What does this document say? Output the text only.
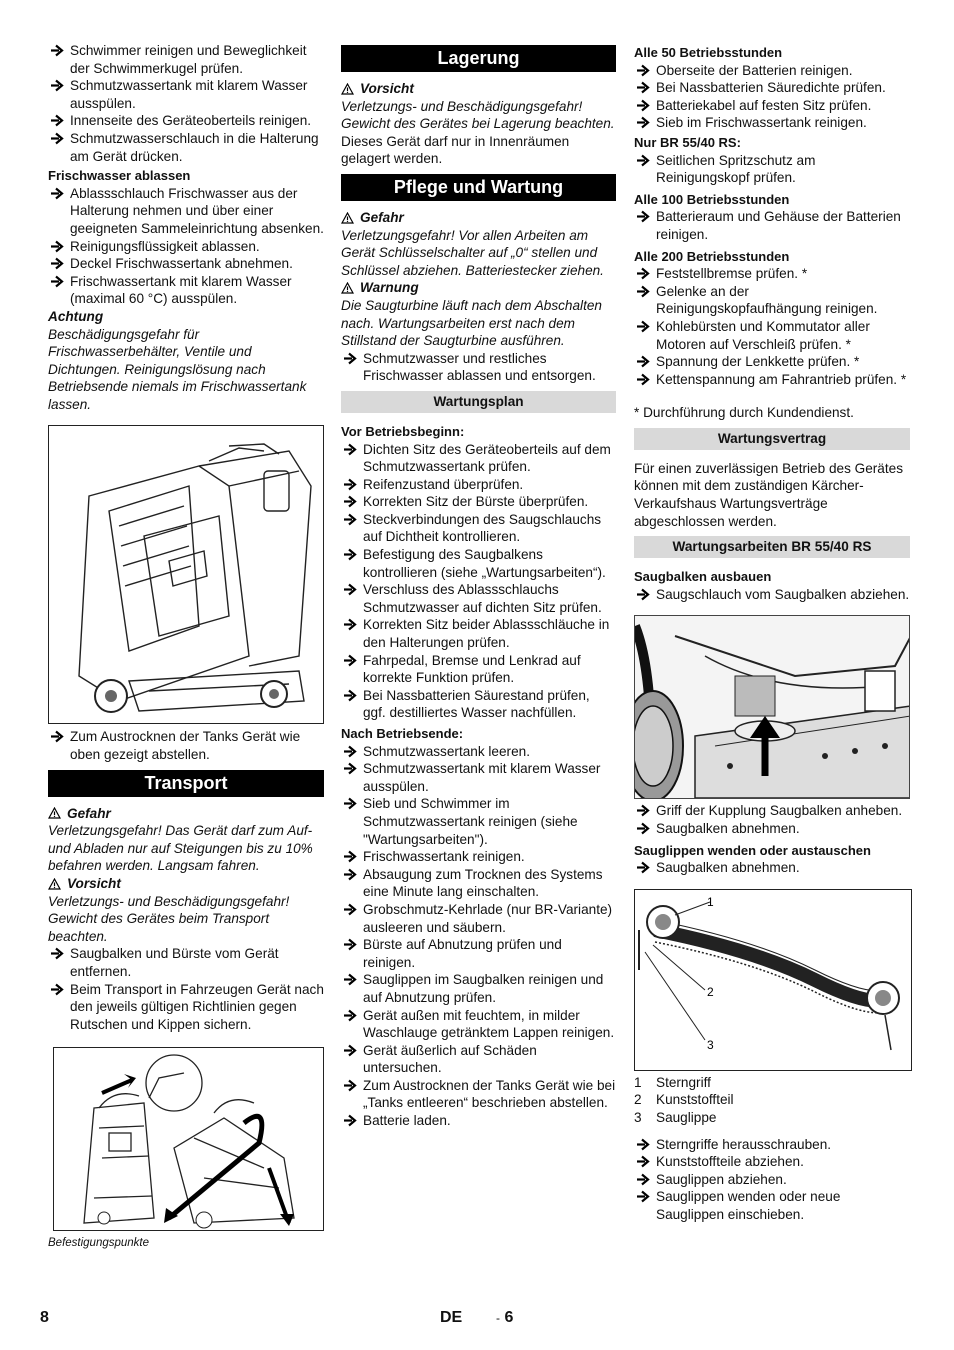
Schwimmer reinigen und Beweglichkeit der Schwimmerkugel prüfen.
Schmutzwassertank mit klarem Wasser ausspülen.
Innenseite des Geräteoberteils reinigen.
Schmutzwasserschlauch in die Halterung am Gerät drücken.
Frischwasser ablassen
Ablassschlauch Frischwasser aus der Halterung nehmen und über einer geeigneten Sammeleinrichtung absenken.
Reinigungsflüssigkeit ablassen.
Deckel Frischwassertank abnehmen.
Frischwassertank mit klarem Wasser (maximal 60 °C) ausspülen.
Achtung
Beschädigungsgefahr für Frischwasserbehälter, Ventile und Dichtungen. Reinigungslösung nach Betriebsende niemals im Frischwassertank lassen.
Zum Austrocknen der Tanks Gerät wie oben gezeigt abstellen.
Transport
Gefahr
Verletzungsgefahr! Das Gerät darf zum Auf- und Abladen nur auf Steigungen bis zu 10% befahren werden. Langsam fahren.
Vorsicht
Verletzungs- und Beschädigungsgefahr! Gewicht des Gerätes beim Transport beachten.
Saugbalken und Bürste vom Gerät entfernen.
Beim Transport in Fahrzeugen Gerät nach den jeweils gültigen Richtlinien gegen Rutschen und Kippen sichern.
Befestigungspunkte
Lagerung
Vorsicht
Verletzungs- und Beschädigungsgefahr! Gewicht des Gerätes bei Lagerung beachten.
Dieses Gerät darf nur in Innenräumen gelagert werden.
Pflege und Wartung
Gefahr
Verletzungsgefahr! Vor allen Arbeiten am Gerät Schlüsselschalter auf „0“ stellen und Schlüssel abziehen. Batteriestecker ziehen.
Warnung
Die Saugturbine läuft nach dem Abschalten nach. Wartungsarbeiten erst nach dem Stillstand der Saugturbine ausführen.
Schmutzwasser und restliches Frischwasser ablassen und entsorgen.
Wartungsplan
Vor Betriebsbeginn:
Dichten Sitz des Geräteoberteils auf dem Schmutzwassertank prüfen.
Reifenzustand überprüfen.
Korrekten Sitz der Bürste überprüfen.
Steckverbindungen des Saugschlauchs auf Dichtheit kontrollieren.
Befestigung des Saugbalkens kontrollieren (siehe „Wartungsarbeiten“).
Verschluss des Ablassschlauchs Schmutzwasser auf dichten Sitz prüfen.
Korrekten Sitz beider Ablassschläuche in den Halterungen prüfen.
Fahrpedal, Bremse und Lenkrad auf korrekte Funktion prüfen.
Bei Nassbatterien Säurestand prüfen, ggf. destilliertes Wasser nachfüllen.
Nach Betriebsende:
Schmutzwassertank leeren.
Schmutzwassertank mit klarem Wasser ausspülen.
Sieb und Schwimmer im Schmutzwassertank reinigen (siehe "Wartungsarbeiten").
Frischwassertank reinigen.
Absaugung zum Trocknen des Systems eine Minute lang einschalten.
Grobschmutz-Kehrlade (nur BR-Variante) ausleeren und säubern.
Bürste auf Abnutzung prüfen und reinigen.
Sauglippen im Saugbalken reinigen und auf Abnutzung prüfen.
Gerät außen mit feuchtem, in milder Waschlauge getränktem Lappen reinigen.
Gerät äußerlich auf Schäden untersuchen.
Zum Austrocknen der Tanks Gerät wie bei „Tanks entleeren“ beschrieben abstellen.
Batterie laden.
Alle 50 Betriebsstunden
Oberseite der Batterien reinigen.
Bei Nassbatterien Säuredichte prüfen.
Batteriekabel auf festen Sitz prüfen.
Sieb im Frischwassertank reinigen.
Nur BR 55/40 RS:
Seitlichen Spritzschutz am Reinigungskopf prüfen.
Alle 100 Betriebsstunden
Batterieraum und Gehäuse der Batterien reinigen.
Alle 200 Betriebsstunden
Feststellbremse prüfen. *
Gelenke an der Reinigungskopfaufhängung reinigen.
Kohlebürsten und Kommutator aller Motoren auf Verschleiß prüfen. *
Spannung der Lenkkette prüfen. *
Kettenspannung am Fahrantrieb prüfen. *
* Durchführung durch Kundendienst.
Wartungsvertrag
Für einen zuverlässigen Betrieb des Gerätes können mit dem zuständigen Kärcher-Verkaufshaus Wartungsverträge abgeschlossen werden.
Wartungsarbeiten BR 55/40 RS
Saugbalken ausbauen
Saugschlauch vom Saugbalken abziehen.
Griff der Kupplung Saugbalken anheben.
Saugbalken abnehmen.
Sauglippen wenden oder austauschen
Saugbalken abnehmen.
1
2
3
1	Sterngriff
2	Kunststoffteil
3	Sauglippe
Sterngriffe herausschrauben.
Kunststoffteile abziehen.
Sauglippen abziehen.
Sauglippen wenden oder neue Sauglippen einschieben.
8	DE	- 6
